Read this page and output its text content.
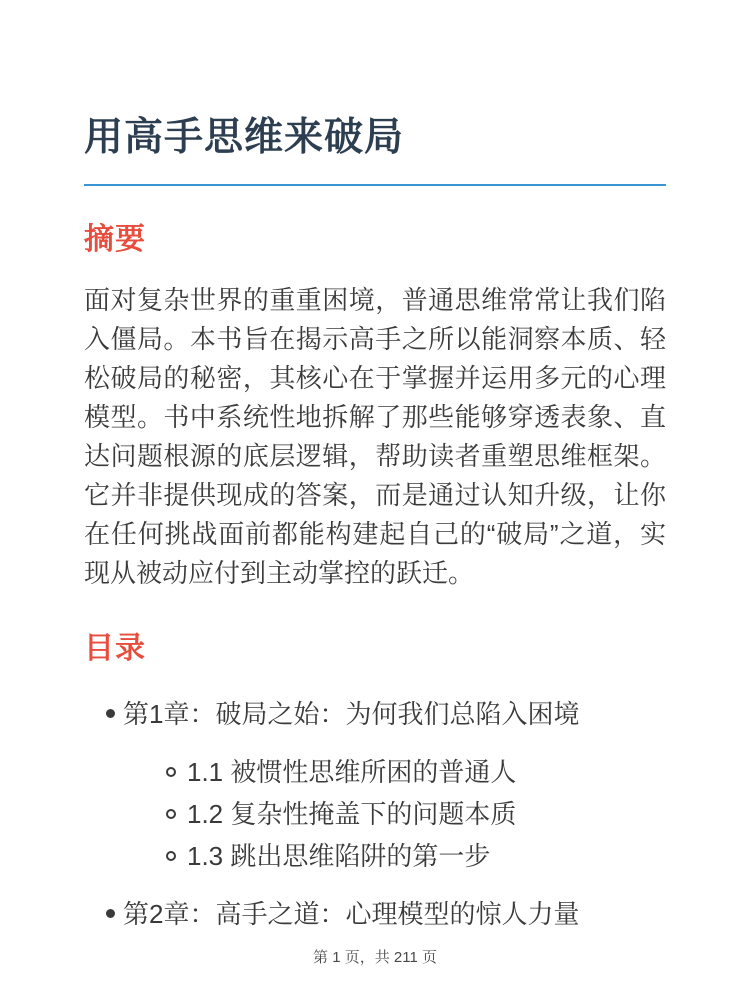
用高手思维来破局
摘要

面对复杂世界的重重困境，普通思维常常让我们陷入僵局。本书旨在揭示高手之所以能洞察本质、轻松破局的秘密，其核心在于掌握并运用多元的心理模型。书中系统性地拆解了那些能够穿透表象、直达问题根源的底层逻辑，帮助读者重塑思维框架。它并非提供现成的答案，而是通过认知升级，让你在任何挑战面前都能构建起自己的“破局”之道，实现从被动应付到主动掌控的跃迁。

目录
第1章：破局之始：为何我们总陷入困境
1.1 被惯性思维所困的普通人
1.2 复杂性掩盖下的问题本质
1.3 跳出思维陷阱的第一步
第2章：高手之道：心理模型的惊人力量
第 1 页，共 211 页
